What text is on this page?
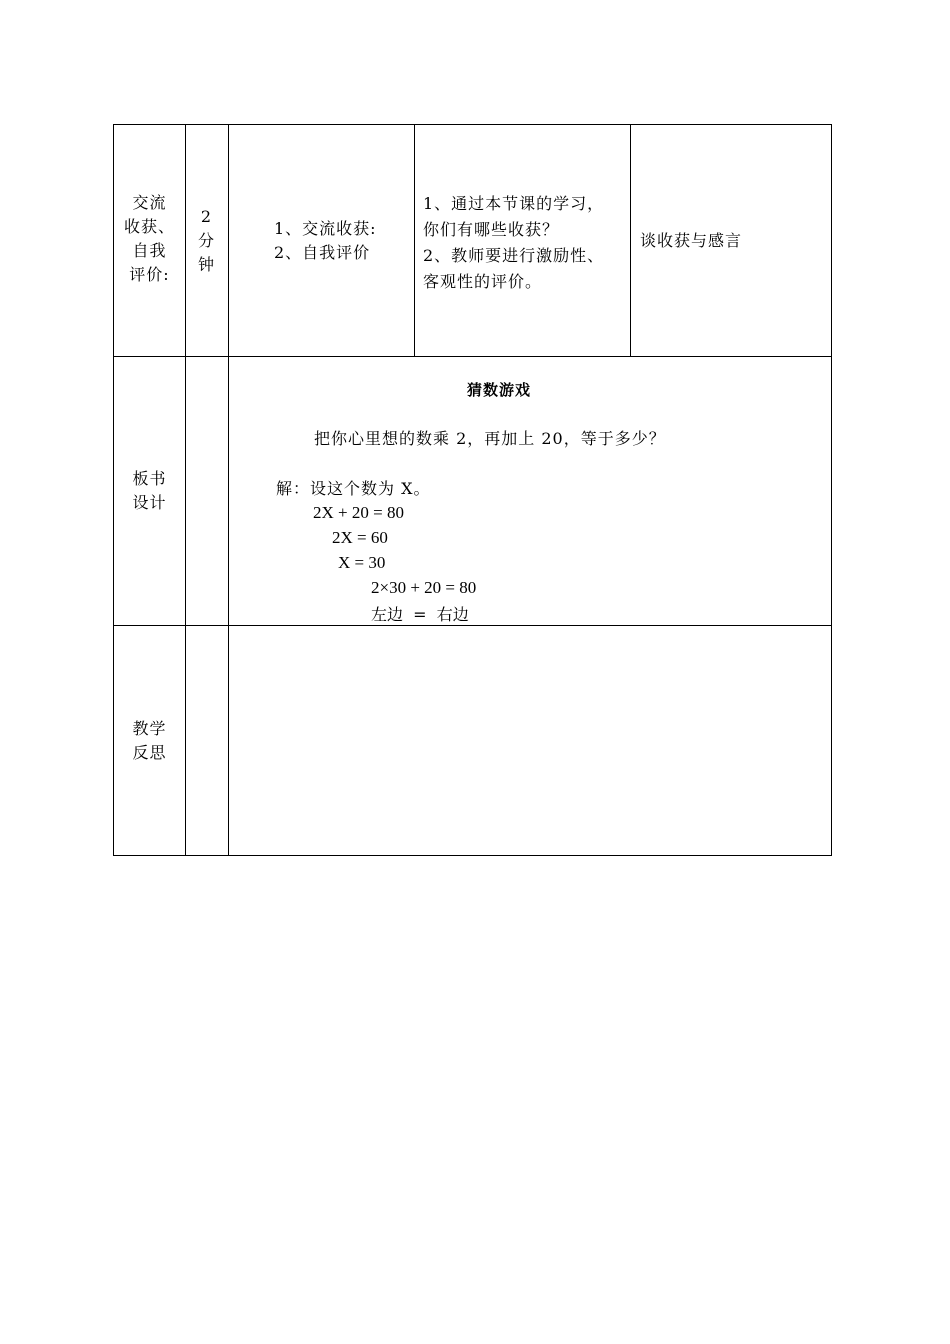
交流
收获、
自我
评价:
2
分
钟
1、交流收获:
2、自我评价
1、通过本节课的学习，
你们有哪些收获？
2、教师要进行激励性、
客观性的评价。
谈收获与感言
板书
设计
猜数游戏
把你心里想的数乘 2，再加上 20，等于多少？
解：设这个数为 X。
2X + 20 = 80
2X = 60
X = 30
2×30 + 20 = 80
左边  =  右边
教学
反思
